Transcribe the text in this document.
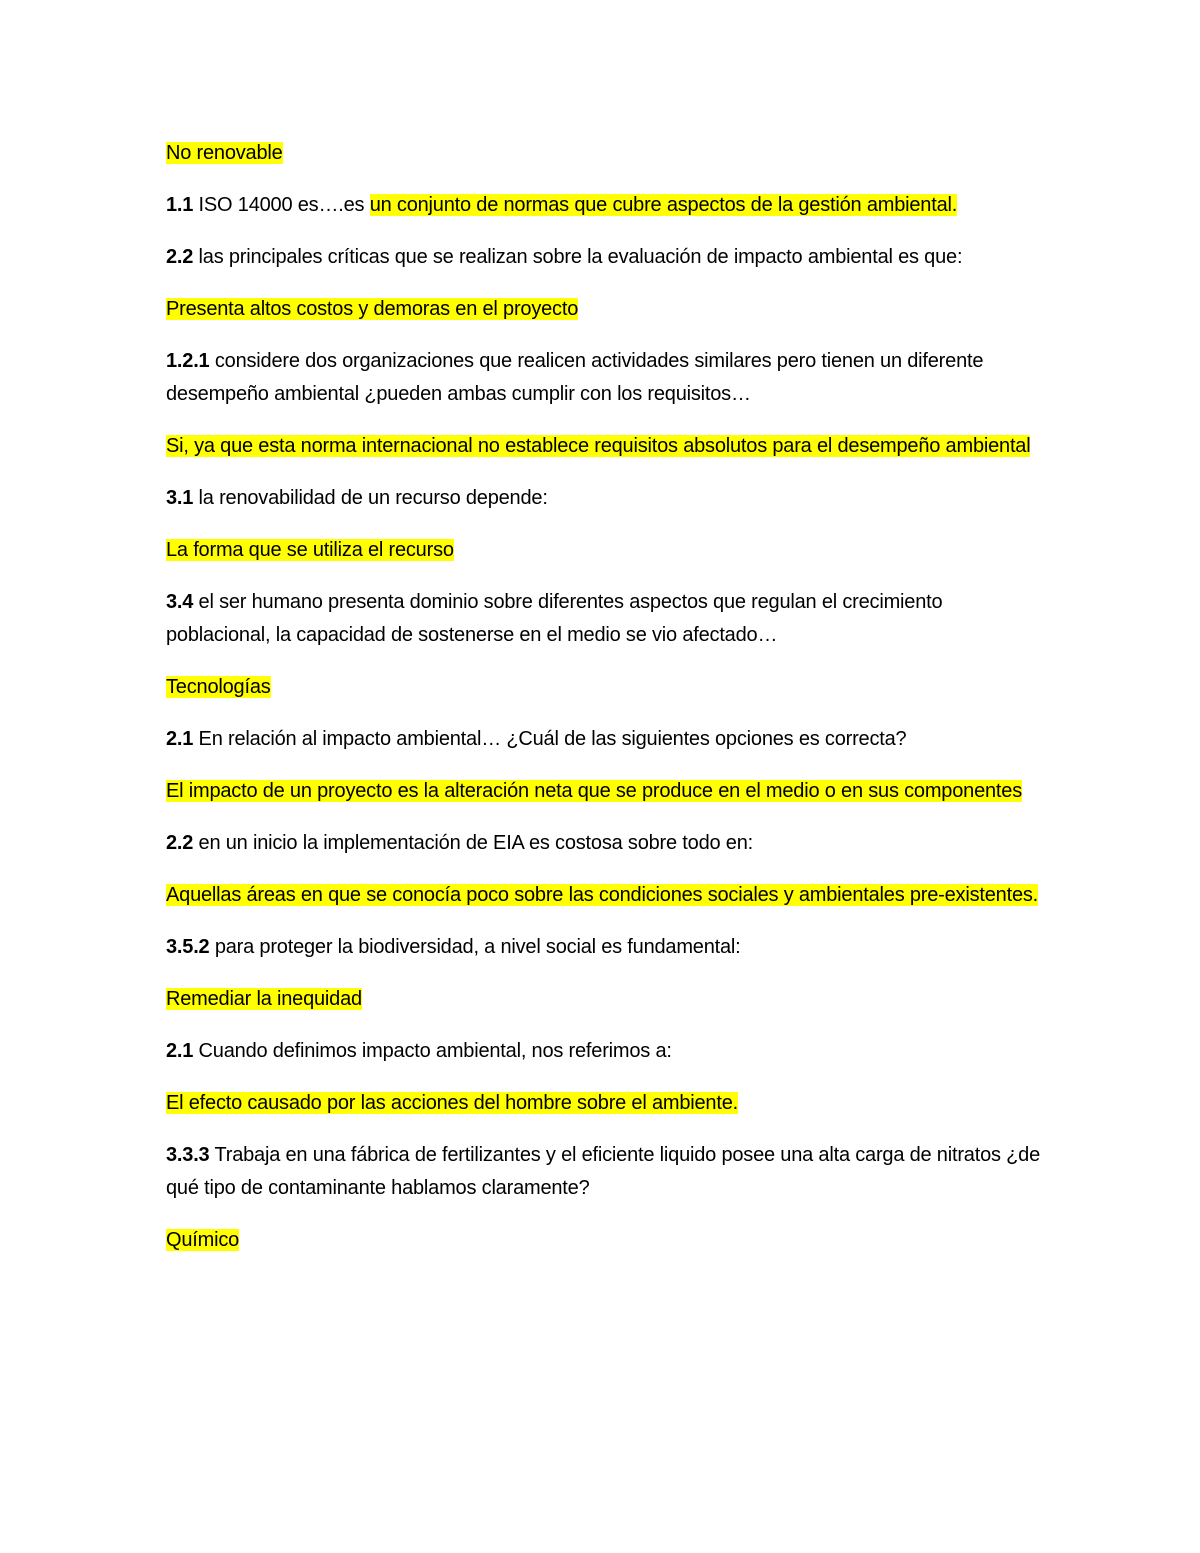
No renovable

1.1 ISO 14000 es….es un conjunto de normas que cubre aspectos de la gestión ambiental.

2.2 las principales críticas que se realizan sobre la evaluación de impacto ambiental es que:

Presenta altos costos y demoras en el proyecto

1.2.1 considere dos organizaciones que realicen actividades similares pero tienen un diferente desempeño ambiental ¿pueden ambas cumplir con los requisitos…

Si, ya que esta norma internacional no establece requisitos absolutos para el desempeño ambiental

3.1 la renovabilidad de un recurso depende:

La forma que se utiliza el recurso

3.4 el ser humano presenta dominio sobre diferentes aspectos que regulan el crecimiento poblacional, la capacidad de sostenerse en el medio se vio afectado…

Tecnologías

2.1 En relación al impacto ambiental… ¿Cuál de las siguientes opciones es correcta?

El impacto de un proyecto es la alteración neta que se produce en el medio o en sus componentes

2.2 en un inicio la implementación de EIA es costosa sobre todo en:

Aquellas áreas en que se conocía poco sobre las condiciones sociales y ambientales pre-existentes.

3.5.2 para proteger la biodiversidad, a nivel social es fundamental:

Remediar la inequidad

2.1 Cuando definimos impacto ambiental, nos referimos a:

El efecto causado por las acciones del hombre sobre el ambiente.

3.3.3 Trabaja en una fábrica de fertilizantes y el eficiente liquido posee una alta carga de nitratos ¿de qué tipo de contaminante hablamos claramente?

Químico
